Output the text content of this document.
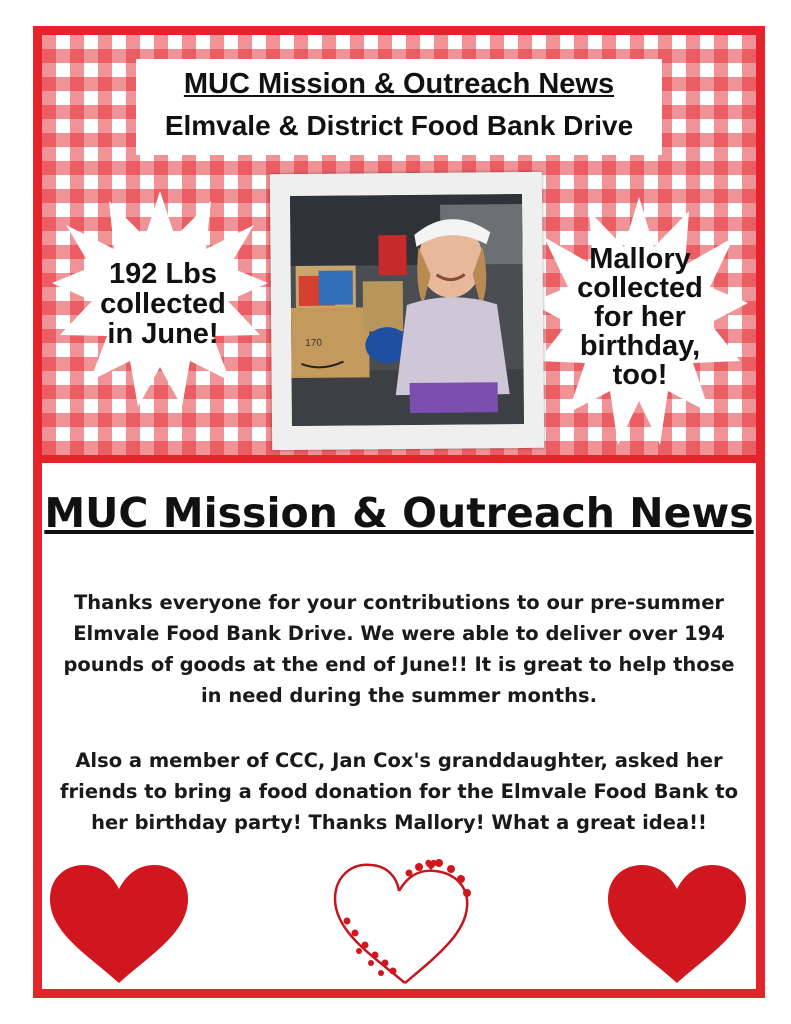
MUC Mission & Outreach News
Elmvale & District Food Bank Drive
192 Lbs
collected
in June!
Mallory
collected
for her
birthday,
too!
170
MUC Mission & Outreach News
Thanks everyone for your contributions to our pre-summer Elmvale Food Bank Drive. We were able to deliver over 194 pounds of goods at the end of June!! It is great to help those in need during the summer months.
Also a member of CCC, Jan Cox's granddaughter, asked her friends to bring a food donation for the Elmvale Food Bank to her birthday party! Thanks Mallory! What a great idea!!
